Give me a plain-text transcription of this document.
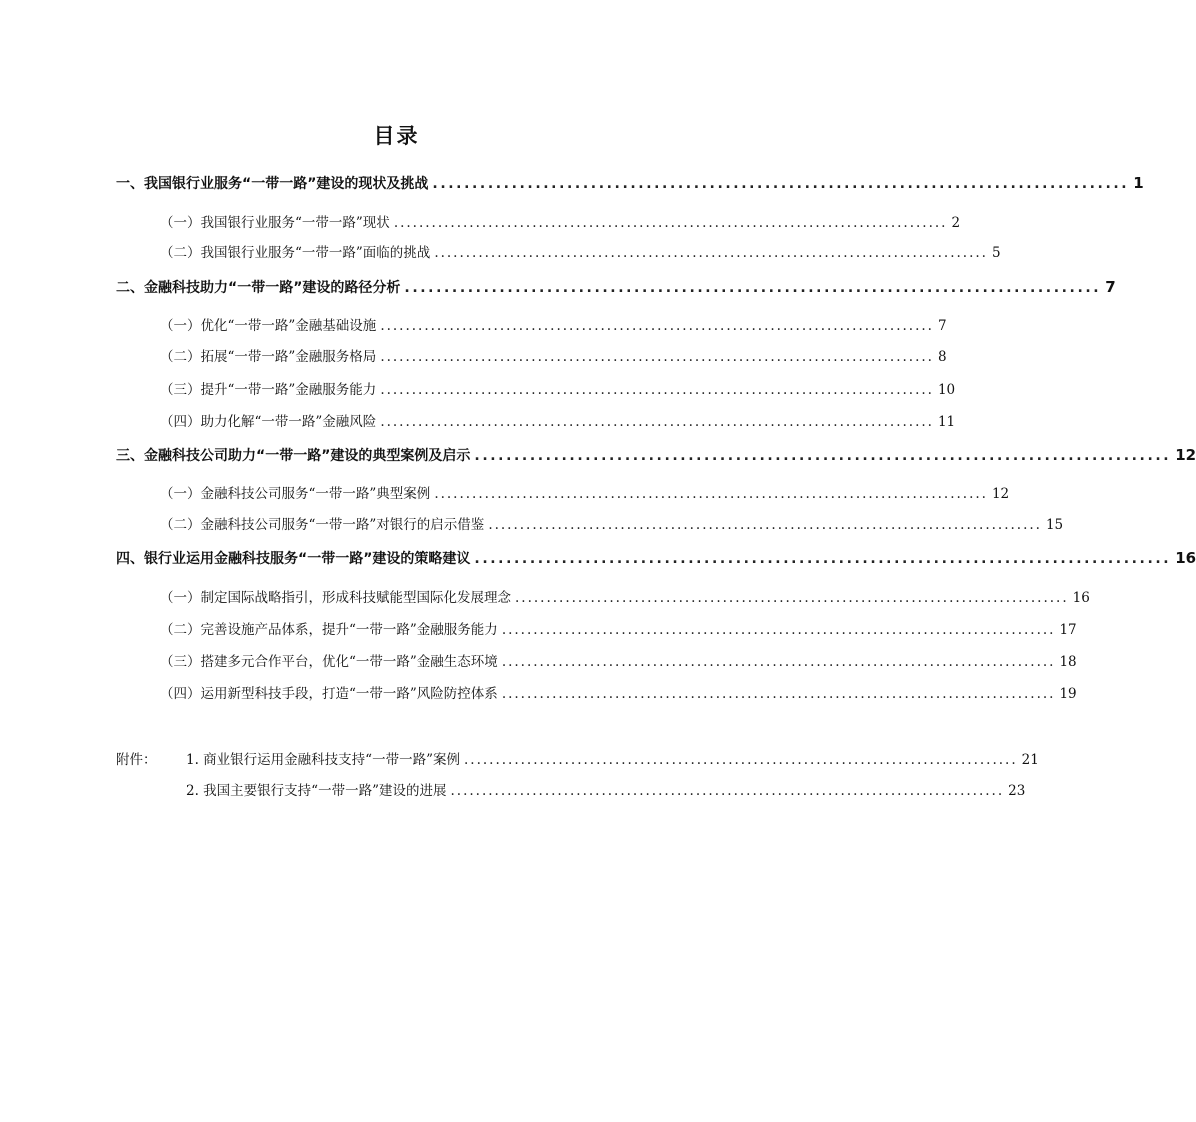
目录
一、我国银行业服务“一带一路”建设的现状及挑战 ........................................................................................ 1
（一）我国银行业服务“一带一路”现状 ........................................................................................ 2
（二）我国银行业服务“一带一路”面临的挑战 ........................................................................................ 5
二、金融科技助力“一带一路”建设的路径分析 ........................................................................................ 7
（一）优化“一带一路”金融基础设施 ........................................................................................ 7
（二）拓展“一带一路”金融服务格局 ........................................................................................ 8
（三）提升“一带一路”金融服务能力 ........................................................................................ 10
（四）助力化解“一带一路”金融风险 ........................................................................................ 11
三、金融科技公司助力“一带一路”建设的典型案例及启示 ........................................................................................ 12
（一）金融科技公司服务“一带一路”典型案例 ........................................................................................ 12
（二）金融科技公司服务“一带一路”对银行的启示借鉴 ........................................................................................ 15
四、银行业运用金融科技服务“一带一路”建设的策略建议 ........................................................................................ 16
（一）制定国际战略指引，形成科技赋能型国际化发展理念 ........................................................................................ 16
（二）完善设施产品体系，提升“一带一路”金融服务能力 ........................................................................................ 17
（三）搭建多元合作平台，优化“一带一路”金融生态环境 ........................................................................................ 18
（四）运用新型科技手段，打造“一带一路”风险防控体系 ........................................................................................ 19
附件： 1. 商业银行运用金融科技支持“一带一路”案例 ........................................................................................ 21
2. 我国主要银行支持“一带一路”建设的进展 ........................................................................................ 23
